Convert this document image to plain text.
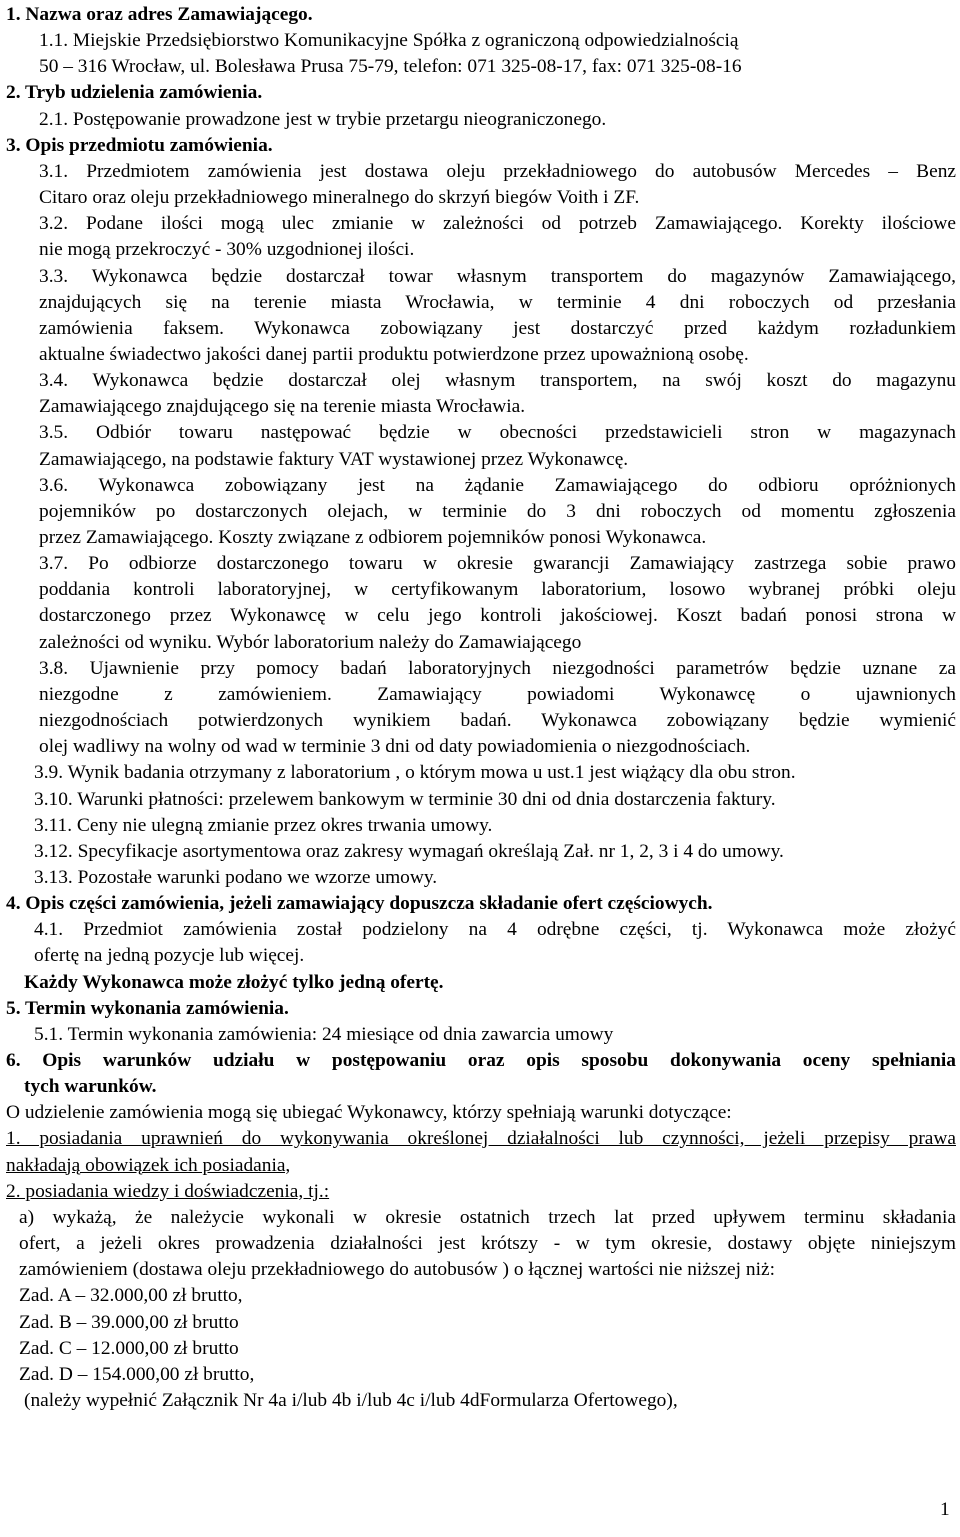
1. Nazwa oraz adres Zamawiającego.
1.1. Miejskie Przedsiębiorstwo Komunikacyjne Spółka z ograniczoną odpowiedzialnością
50 – 316 Wrocław, ul. Bolesława Prusa 75-79, telefon: 071 325-08-17, fax: 071 325-08-16
2. Tryb udzielenia zamówienia.
2.1. Postępowanie prowadzone jest w trybie przetargu nieograniczonego.
3. Opis przedmiotu zamówienia.
3.1. Przedmiotem zamówienia jest dostawa oleju przekładniowego do autobusów Mercedes – Benz
Citaro oraz oleju przekładniowego mineralnego do skrzyń biegów Voith i ZF.
3.2. Podane ilości mogą ulec zmianie w zależności od potrzeb Zamawiającego. Korekty ilościowe
nie mogą przekroczyć - 30% uzgodnionej ilości.
3.3. Wykonawca będzie dostarczał towar własnym transportem do magazynów Zamawiającego,
znajdujących się na terenie miasta Wrocławia, w terminie 4 dni roboczych od przesłania
zamówienia faksem. Wykonawca zobowiązany jest dostarczyć przed każdym rozładunkiem
aktualne świadectwo jakości danej partii produktu potwierdzone przez upoważnioną osobę.
3.4. Wykonawca będzie dostarczał olej własnym transportem, na swój koszt do magazynu
Zamawiającego znajdującego się na terenie miasta Wrocławia.
3.5. Odbiór towaru następować będzie w obecności przedstawicieli stron w magazynach
Zamawiającego, na podstawie faktury VAT wystawionej przez Wykonawcę.
3.6. Wykonawca zobowiązany jest na żądanie Zamawiającego do odbioru opróżnionych
pojemników po dostarczonych olejach, w terminie do 3 dni roboczych od momentu zgłoszenia
przez Zamawiającego. Koszty związane z odbiorem pojemników ponosi Wykonawca.
3.7. Po odbiorze dostarczonego towaru w okresie gwarancji Zamawiający zastrzega sobie prawo
poddania kontroli laboratoryjnej, w certyfikowanym laboratorium, losowo wybranej próbki oleju
dostarczonego przez Wykonawcę w celu jego kontroli jakościowej. Koszt badań ponosi strona w
zależności od wyniku. Wybór laboratorium należy do Zamawiającego
3.8. Ujawnienie przy pomocy badań laboratoryjnych niezgodności parametrów będzie uznane za
niezgodne z zamówieniem. Zamawiający powiadomi Wykonawcę o ujawnionych
niezgodnościach potwierdzonych wynikiem badań. Wykonawca zobowiązany będzie wymienić
olej wadliwy na wolny od wad w terminie 3 dni od daty powiadomienia o niezgodnościach.
3.9. Wynik badania otrzymany z laboratorium , o którym mowa u ust.1 jest wiążący dla obu stron.
3.10. Warunki płatności: przelewem bankowym w terminie 30 dni od dnia dostarczenia faktury.
3.11. Ceny nie ulegną zmianie przez okres trwania umowy.
3.12. Specyfikacje asortymentowa oraz zakresy wymagań określają Zał. nr 1, 2, 3 i 4 do umowy.
3.13. Pozostałe warunki podano we wzorze umowy.
4. Opis części zamówienia, jeżeli zamawiający dopuszcza składanie ofert częściowych.
4.1. Przedmiot zamówienia został podzielony na 4 odrębne części, tj. Wykonawca może złożyć
ofertę na jedną pozycje lub więcej.
Każdy Wykonawca może złożyć tylko jedną ofertę.
5. Termin wykonania zamówienia.
5.1. Termin wykonania zamówienia: 24 miesiące od dnia zawarcia umowy
6. Opis warunków udziału w postępowaniu oraz opis sposobu dokonywania oceny spełniania
tych warunków.
O udzielenie zamówienia mogą się ubiegać Wykonawcy, którzy spełniają warunki dotyczące:
1. posiadania uprawnień do wykonywania określonej działalności lub czynności, jeżeli przepisy prawa
nakładają obowiązek ich posiadania,
2. posiadania wiedzy i doświadczenia, tj.:
a) wykażą, że należycie wykonali w okresie ostatnich trzech lat przed upływem terminu składania
ofert, a jeżeli okres prowadzenia działalności jest krótszy - w tym okresie, dostawy objęte niniejszym
zamówieniem (dostawa oleju przekładniowego do autobusów ) o łącznej wartości nie niższej niż:
Zad. A – 32.000,00 zł brutto,
Zad. B – 39.000,00 zł brutto
Zad. C – 12.000,00 zł brutto
Zad. D – 154.000,00 zł brutto,
(należy wypełnić Załącznik Nr 4a i/lub 4b i/lub 4c i/lub 4dFormularza Ofertowego),
1
